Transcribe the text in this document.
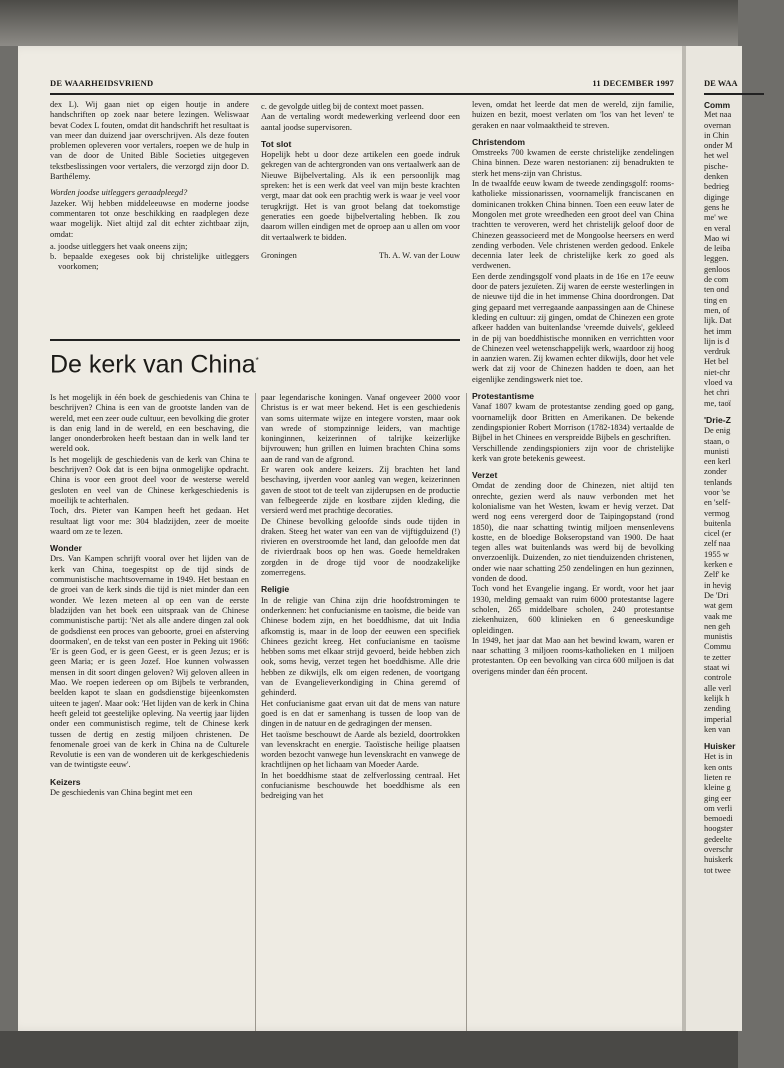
DE WAARHEIDSVRIEND	11 DECEMBER 1997

dex L). Wij gaan niet op eigen houtje in andere handschriften op zoek naar betere lezingen. Weliswaar bevat Codex L fouten, omdat dit handschrift het resultaat is van meer dan duizend jaar overschrijven. Als deze fouten problemen opleveren voor vertalers, roepen we de hulp in van de door de United Bible Societies uitgegeven tekstbeslissingen voor vertalers, die verzorgd zijn door D. Barthélemy.

Worden joodse uitleggers geraadpleegd?

Jazeker. Wij hebben middeleeuwse en moderne joodse commentaren tot onze beschikking en raadplegen deze waar mogelijk. Niet altijd zal dit echter zichtbaar zijn, omdat:

a. joodse uitleggers het vaak oneens zijn;
b. bepaalde exegeses ook bij christelijke uitleggers voorkomen;
c. de gevolgde uitleg bij de context moet passen.

Aan de vertaling wordt medewerking verleend door een aantal joodse supervisoren.

Tot slot

Hopelijk hebt u door deze artikelen een goede indruk gekregen van de achtergronden van ons vertaalwerk aan de Nieuwe Bijbelvertaling. Als ik een persoonlijk mag spreken: het is een werk dat veel van mijn beste krachten vergt, maar dat ook een prachtig werk is waar je veel voor terugkrijgt. Het is van groot belang dat toekomstige generaties een goede bijbelvertaling hebben. Ik zou daarom willen eindigen met de oproep aan u allen om voor dit vertaalwerk te bidden.

Groningen	Th. A. W. van der Louw
De kerk van China*

Is het mogelijk in één boek de geschiedenis van China te beschrijven? China is een van de grootste landen van de wereld, met een zeer oude cultuur, een bevolking die groter is dan enig land in de wereld, en een beschaving, die langer ononderbroken heeft bestaan dan in welk land ter wereld ook.

Is het mogelijk de geschiedenis van de kerk van China te beschrijven? Ook dat is een bijna onmogelijke opdracht. China is voor een groot deel voor de westerse wereld gesloten en veel van de Chinese kerkgeschiedenis is moeilijk te achterhalen.

Toch, drs. Pieter van Kampen heeft het gedaan. Het resultaat ligt voor me: 304 bladzijden, zeer de moeite waard om ze te lezen.

Wonder

Drs. Van Kampen schrijft vooral over het lijden van de kerk van China, toegespitst op de tijd sinds de communistische machtsovername in 1949. Het bestaan en de groei van de kerk sinds die tijd is niet minder dan een wonder. We lezen meteen al op een van de eerste bladzijden van het boek een uitspraak van de Chinese communistische partij: 'Net als alle andere dingen zal ook de godsdienst een proces van geboorte, groei en afsterving doormaken', en de tekst van een poster in Peking uit 1966: 'Er is geen God, er is geen Geest, er is geen Jezus; er is geen Maria; er is geen Jozef. Hoe kunnen volwassen mensen in dit soort dingen geloven? Wij geloven alleen in Mao. We roepen iedereen op om Bijbels te verbranden, beelden kapot te slaan en godsdienstige bijeenkomsten uiteen te jagen'. Maar ook: 'Het lijden van de kerk in China heeft geleid tot geestelijke opleving. Na veertig jaar lijden onder een communistisch regime, telt de Chinese kerk tussen de dertig en zestig miljoen christenen. De fenomenale groei van de kerk in China na de Culturele Revolutie is een van de wonderen uit de kerkgeschiedenis van de twintigste eeuw'.

Keizers

De geschiedenis van China begint met een

paar legendarische koningen. Vanaf ongeveer 2000 voor Christus is er wat meer bekend. Het is een geschiedenis van soms uitermate wijze en integere vorsten, maar ook van wrede of stompzinnige leiders, van machtige koninginnen, keizerinnen of talrijke keizerlijke bijvrouwen; hun grillen en luimen brachten China soms aan de rand van de afgrond.

Er waren ook andere keizers. Zij brachten het land beschaving, ijverden voor aanleg van wegen, keizerinnen gaven de stoot tot de teelt van zijderupsen en de productie van felbegeerde zijde en kostbare zijden kleding, die versierd werd met prachtige decoraties.

De Chinese bevolking geloofde sinds oude tijden in draken. Steeg het water van een van de vijftigduizend (!) rivieren en overstroomde het land, dan geloofde men dat de rivierdraak boos op hen was. Goede hemeldraken zorgden in de droge tijd voor de noodzakelijke zomerregens.

Religie

In de religie van China zijn drie hoofdstromingen te onderkennen: het confucianisme en taoïsme, die beide van Chinese bodem zijn, en het boeddhisme, dat uit India afkomstig is, maar in de loop der eeuwen een specifiek Chinees gezicht kreeg. Het confucianisme en taoïsme hebben soms met elkaar strijd gevoerd, beide hebben zich ook, soms hevig, verzet tegen het boeddhisme. Alle drie hebben ze dikwijls, elk om eigen redenen, de voortgang van de Evangelieverkondiging in China geremd of gehinderd.

Het confucianisme gaat ervan uit dat de mens van nature goed is en dat er samenhang is tussen de loop van de dingen in de natuur en de gedragingen der mensen.

Het taoïsme beschouwt de Aarde als bezield, doortrokken van levenskracht en energie. Taoïstische heilige plaatsen worden bezocht vanwege hun levenskracht en vanwege de krachtlijnen op het lichaam van Moeder Aarde.

In het boeddhisme staat de zelfverlossing centraal. Het confucianisme beschouwde het boeddhisme als een bedreiging van het

leven, omdat het leerde dat men de wereld, zijn familie, huizen en bezit, moest verlaten om 'los van het leven' te geraken en naar volmaaktheid te streven.

Christendom

Omstreeks 700 kwamen de eerste christelijke zendelingen China binnen. Deze waren nestorianen: zij benadrukten te sterk het mens-zijn van Christus.

In de twaalfde eeuw kwam de tweede zendingsgolf: rooms-katholieke missionarissen, voornamelijk franciscanen en dominicanen trokken China binnen. Toen een eeuw later de Mongolen met grote wreedheden een groot deel van China trachtten te veroveren, werd het christelijk geloof door de Chinezen geassocieerd met de Mongoolse heersers en werd zending verboden. Vele christenen werden gedood. Enkele decennia later leek de christelijke kerk zo goed als verdwenen.

Een derde zendingsgolf vond plaats in de 16e en 17e eeuw door de paters jezuïeten. Zij waren de eerste westerlingen in de nieuwe tijd die in het immense China doordrongen. Dat ging gepaard met verregaande aanpassingen aan de Chinese kleding en cultuur: zij gingen, omdat de Chinezen een grote afkeer hadden van buitenlandse 'vreemde duivels', gekleed in de pij van boeddhistische monniken en verrichtten voor de Chinezen veel wetenschappelijk werk, waardoor zij hoog in aanzien waren. Zij kwamen echter dikwijls, door het vele werk dat zij voor de Chinezen hadden te doen, aan het eigenlijke zendingswerk niet toe.

Protestantisme

Vanaf 1807 kwam de protestantse zending goed op gang, voornamelijk door Britten en Amerikanen. De bekende zendingspionier Robert Morrison (1782-1834) vertaalde de Bijbel in het Chinees en verspreidde Bijbels en geschriften.

Verschillende zendingspioniers zijn voor de christelijke kerk van grote betekenis geweest.

Verzet

Omdat de zending door de Chinezen, niet altijd ten onrechte, gezien werd als nauw verbonden met het kolonialisme van het Westen, kwam er hevig verzet. Dat werd nog eens verergerd door de Taipingopstand (rond 1850), die naar schatting twintig miljoen mensenlevens kostte, en de bloedige Bokseropstand van 1900. De haat tegen alles wat buitenlands was werd bij de bevolking onverzoenlijk. Duizenden, zo niet tienduizenden christenen, onder wie naar schatting 250 zendelingen en hun gezinnen, vonden de dood.

Toch vond het Evangelie ingang. Er wordt, voor het jaar 1930, melding gemaakt van ruim 6000 protestantse lagere scholen, 265 middelbare scholen, 240 protestantse ziekenhuizen, 600 klinieken en 6 geneeskundige opleidingen.

In 1949, het jaar dat Mao aan het bewind kwam, waren er naar schatting 3 miljoen rooms-katholieken en 1 miljoen protestanten. Op een bevolking van circa 600 miljoen is dat overigens minder dan één procent.

DE WAA
Comm
Met naa
overnan
in Chin
onder M
het wel
pische-
denken
bedrieg
diginge
gens he
me' we
en veral
Mao wi
de leiba
leggen.
genloos
de com
ten ond
ting en
men, of
lijk. Dat
het imm
lijn is d
verdruk
Het bel
niet-chr
vloed va
het chri
me, taoï
'Drie-Z
De enig
staan, o
munisti
een kerl
zonder
tenlands
voor 'se
en 'self-
vermog
buitenla
cicel (er
zelf naa
1955 w
kerken e
Zelf' ke
in hevig
De 'Dri
wat gem
vaak me
nen geh
munistis
Commu
te zetter
staat wi
controle
alle verl
kelijk h
zending
imperial
ken van
Huisker
Het is in
ken onts
lieten re
kleine g
ging eer
om verli
bemoedi
hoogster
gedeelte
overschr
huiskerk
tot twee
